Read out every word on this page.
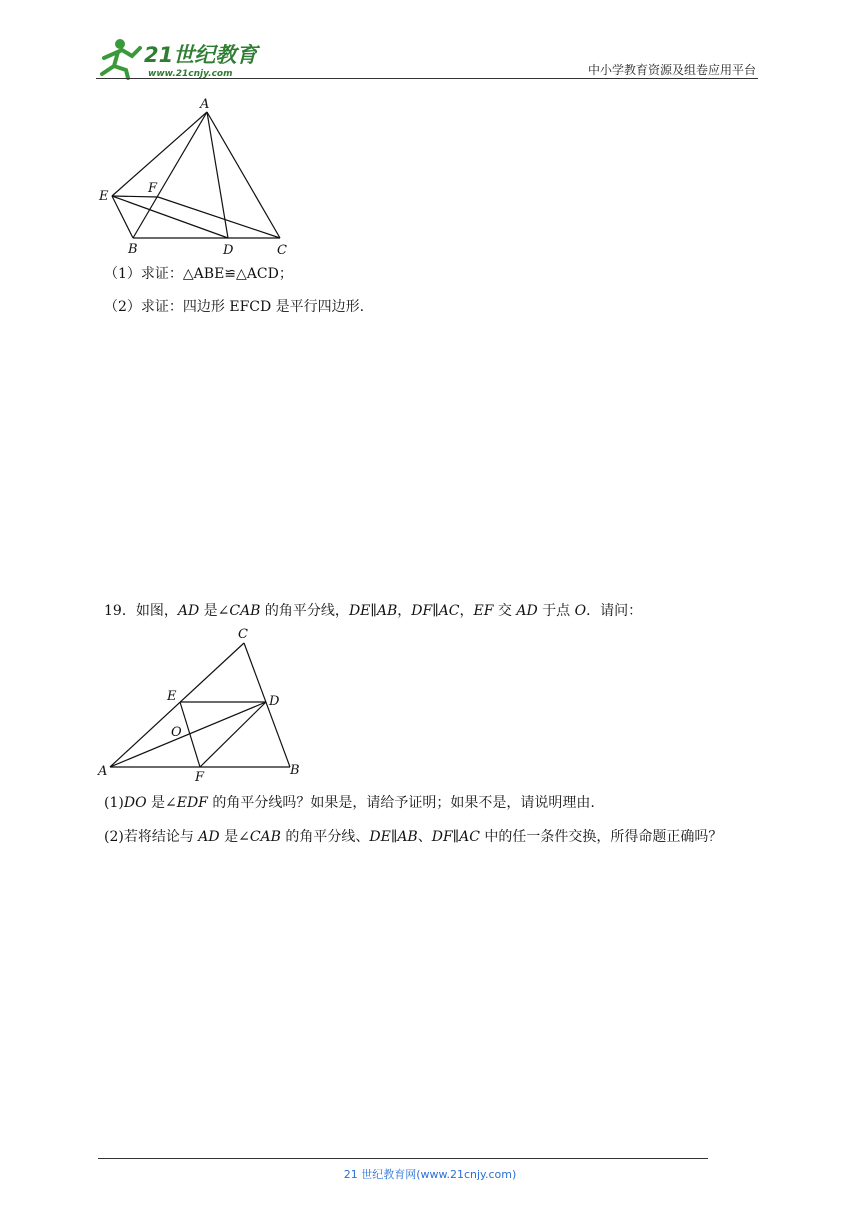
21世纪教育
www.21cnjy.com	中小学教育资源及组卷应用平台
A
E
F
B	D	C
（1）求证：△ABE≌△ACD；
（2）求证：四边形 EFCD 是平行四边形.
19．如图，AD 是∠CAB 的角平分线，DE∥AB，DF∥AC，EF 交 AD 于点 O．请问：
C
E	D
O
A	F	B
(1)DO 是∠EDF 的角平分线吗？如果是，请给予证明；如果不是，请说明理由.
(2)若将结论与 AD 是∠CAB 的角平分线、DE∥AB、DF∥AC 中的任一条件交换，所得命题正确吗？
21 世纪教育网(www.21cnjy.com)
